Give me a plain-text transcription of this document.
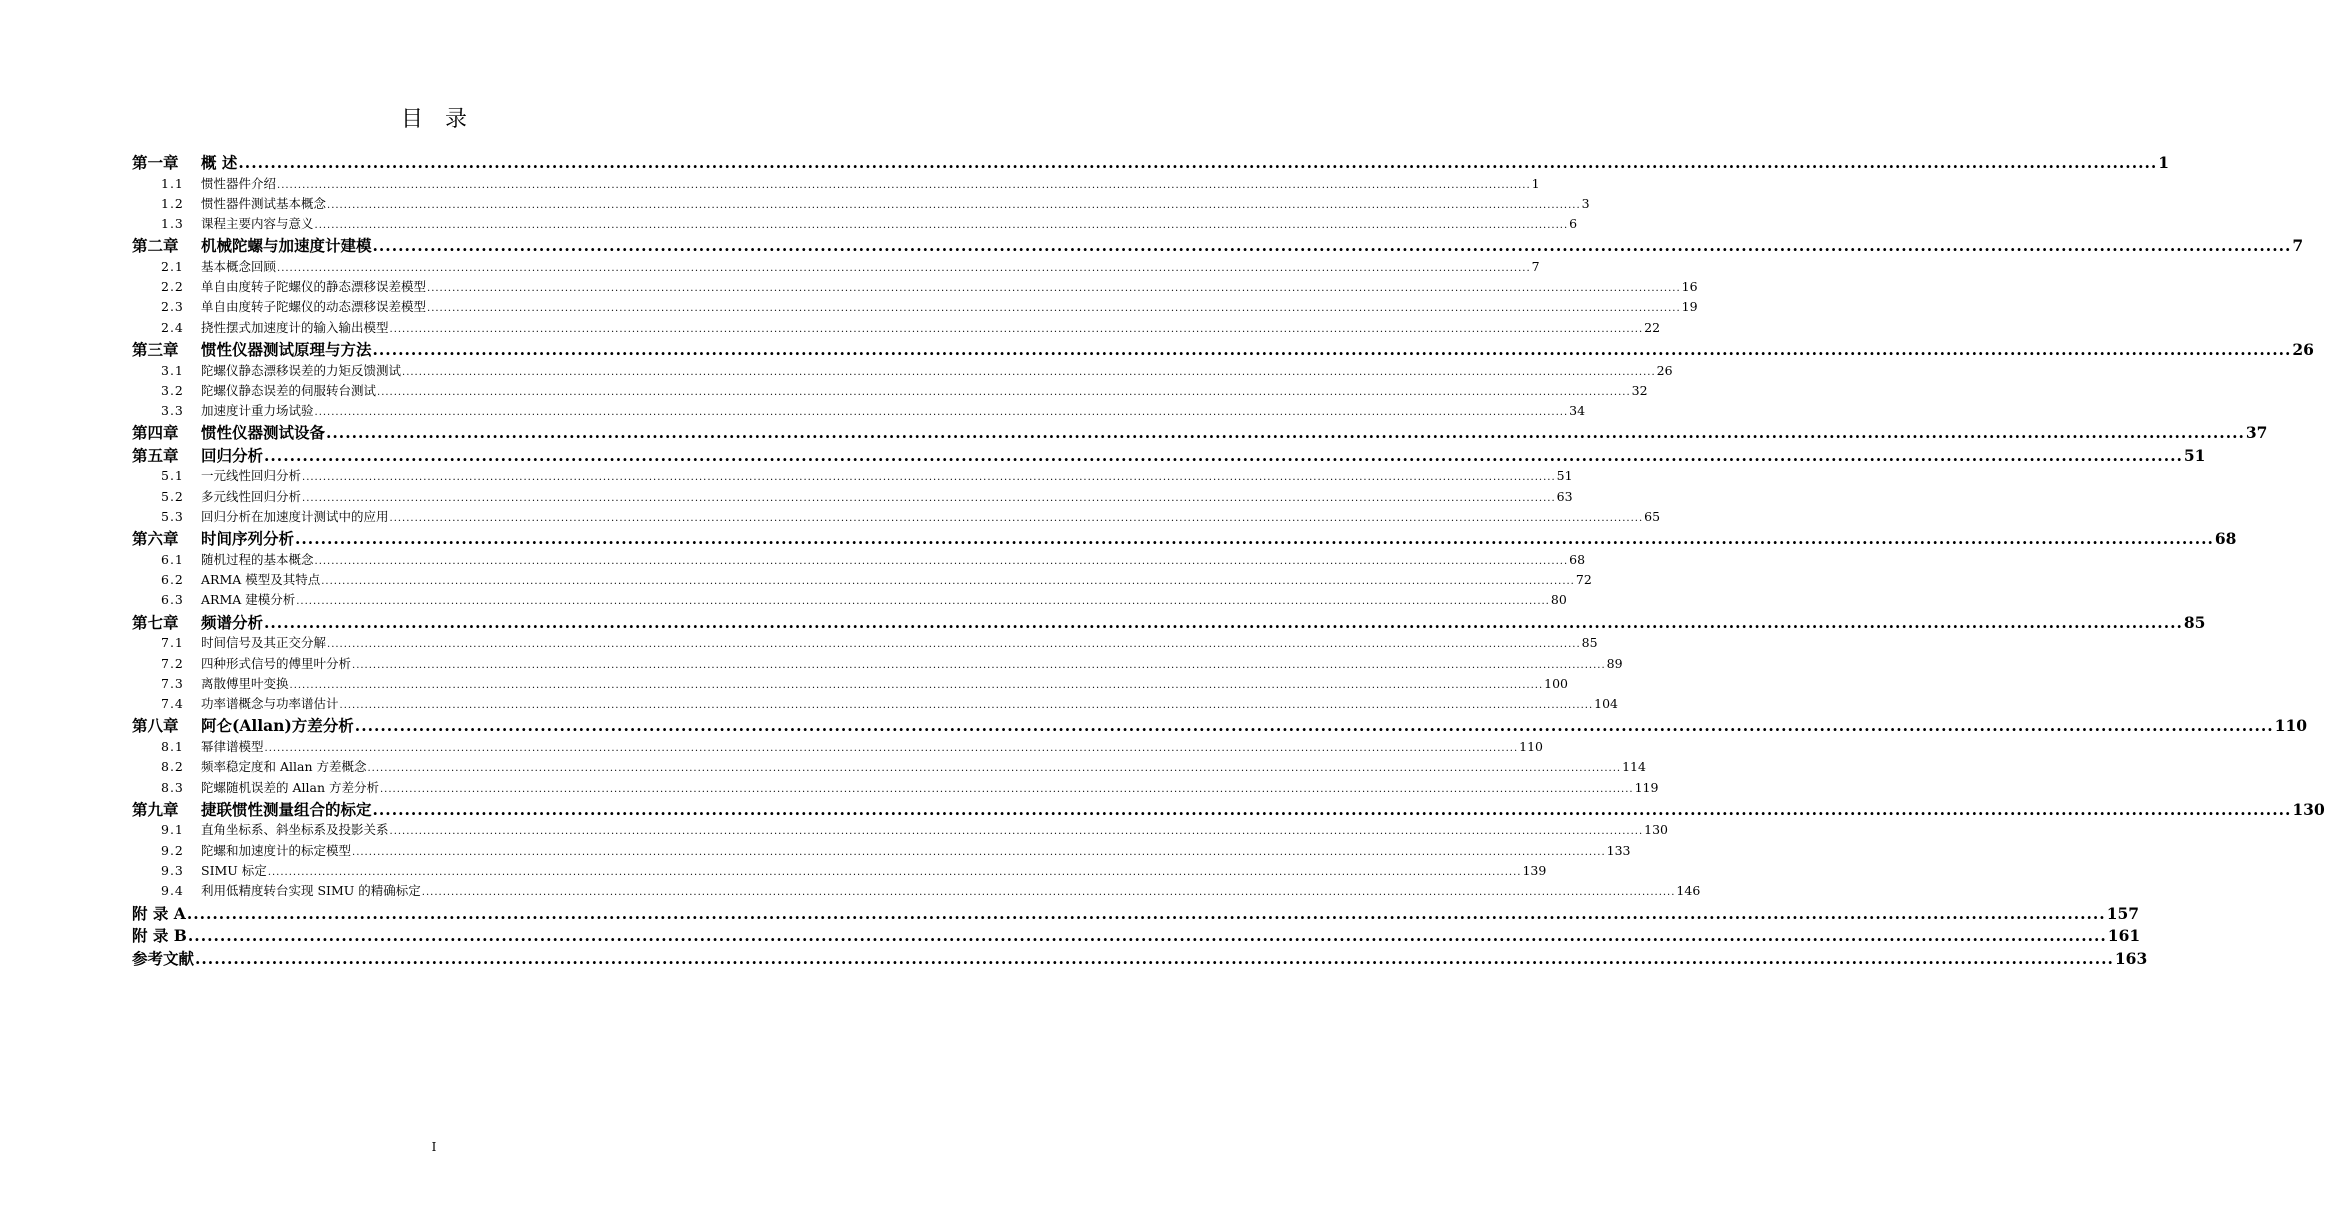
目录
第一章	概 述 ............................................................................................................................................................................................................................................................................................................ 1
1.1	惯性器件介绍 ............................................................................................................................................................................................................................................................................................................ 1
1.2	惯性器件测试基本概念 ............................................................................................................................................................................................................................................................................................................ 3
1.3	课程主要内容与意义 ............................................................................................................................................................................................................................................................................................................ 6
第二章	机械陀螺与加速度计建模 ............................................................................................................................................................................................................................................................................................................ 7
2.1	基本概念回顾 ............................................................................................................................................................................................................................................................................................................ 7
2.2	单自由度转子陀螺仪的静态漂移误差模型 ............................................................................................................................................................................................................................................................................................................ 16
2.3	单自由度转子陀螺仪的动态漂移误差模型 ............................................................................................................................................................................................................................................................................................................ 19
2.4	挠性摆式加速度计的输入输出模型 ............................................................................................................................................................................................................................................................................................................ 22
第三章	惯性仪器测试原理与方法 ............................................................................................................................................................................................................................................................................................................ 26
3.1	陀螺仪静态漂移误差的力矩反馈测试 ............................................................................................................................................................................................................................................................................................................ 26
3.2	陀螺仪静态误差的伺服转台测试 ............................................................................................................................................................................................................................................................................................................ 32
3.3	加速度计重力场试验 ............................................................................................................................................................................................................................................................................................................ 34
第四章	惯性仪器测试设备 ............................................................................................................................................................................................................................................................................................................ 37
第五章	回归分析 ............................................................................................................................................................................................................................................................................................................ 51
5.1	一元线性回归分析 ............................................................................................................................................................................................................................................................................................................ 51
5.2	多元线性回归分析 ............................................................................................................................................................................................................................................................................................................ 63
5.3	回归分析在加速度计测试中的应用 ............................................................................................................................................................................................................................................................................................................ 65
第六章	时间序列分析 ............................................................................................................................................................................................................................................................................................................ 68
6.1	随机过程的基本概念 ............................................................................................................................................................................................................................................................................................................ 68
6.2	ARMA 模型及其特点 ............................................................................................................................................................................................................................................................................................................ 72
6.3	ARMA 建模分析 ............................................................................................................................................................................................................................................................................................................ 80
第七章	频谱分析 ............................................................................................................................................................................................................................................................................................................ 85
7.1	时间信号及其正交分解 ............................................................................................................................................................................................................................................................................................................ 85
7.2	四种形式信号的傅里叶分析 ............................................................................................................................................................................................................................................................................................................ 89
7.3	离散傅里叶变换 ............................................................................................................................................................................................................................................................................................................ 100
7.4	功率谱概念与功率谱估计 ............................................................................................................................................................................................................................................................................................................ 104
第八章	阿仑(Allan)方差分析 ............................................................................................................................................................................................................................................................................................................ 110
8.1	幂律谱模型 ............................................................................................................................................................................................................................................................................................................ 110
8.2	频率稳定度和 Allan 方差概念 ............................................................................................................................................................................................................................................................................................................ 114
8.3	陀螺随机误差的 Allan 方差分析 ............................................................................................................................................................................................................................................................................................................ 119
第九章	捷联惯性测量组合的标定 ............................................................................................................................................................................................................................................................................................................ 130
9.1	直角坐标系、斜坐标系及投影关系 ............................................................................................................................................................................................................................................................................................................ 130
9.2	陀螺和加速度计的标定模型 ............................................................................................................................................................................................................................................................................................................ 133
9.3	SIMU 标定 ............................................................................................................................................................................................................................................................................................................ 139
9.4	利用低精度转台实现 SIMU 的精确标定 ............................................................................................................................................................................................................................................................................................................ 146
附 录 A ............................................................................................................................................................................................................................................................................................................ 157
附 录 B ............................................................................................................................................................................................................................................................................................................ 161
参考文献 ............................................................................................................................................................................................................................................................................................................ 163
I
